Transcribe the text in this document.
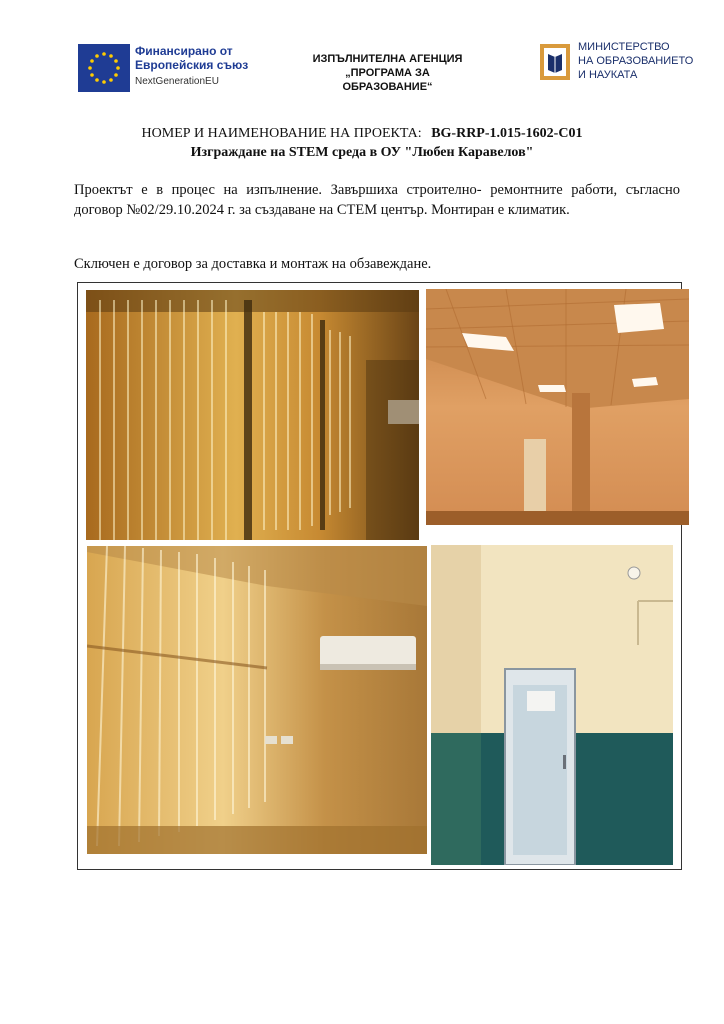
Финансирано от
Европейския съюз
NextGenerationEU
ИЗПЪЛНИТЕЛНА АГЕНЦИЯ
„ПРОГРАМА ЗА ОБРАЗОВАНИЕ“
МИНИСТЕРСТВО
НА ОБРАЗОВАНИЕТО
И НАУКАТА
НОМЕР И НАИМЕНОВАНИЕ НА ПРОЕКТА: BG-RRP-1.015-1602-C01
Изграждане на STEM среда в ОУ "Любен Каравелов"
Проектът е в процес на изпълнение. Завършиха строително- ремонтните работи, съгласно договор №02/29.10.2024 г. за създаване на СТЕМ център. Монтиран е климатик.
Сключен е договор за доставка и монтаж на обзавеждане.
